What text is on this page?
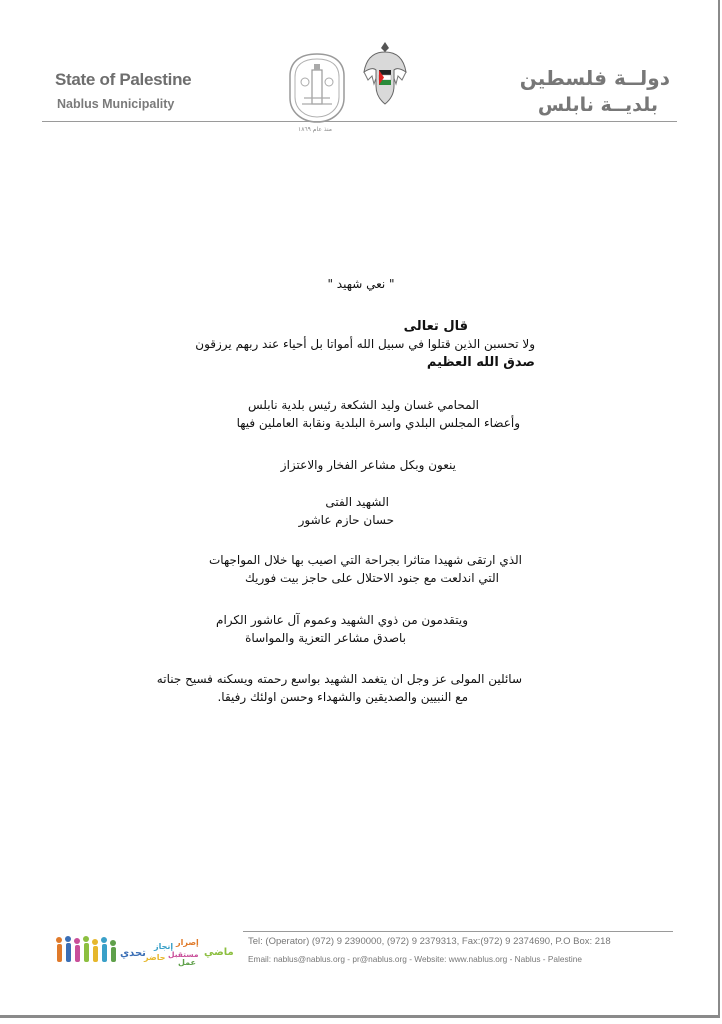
State of Palestine
Nablus Municipality
دولــة فلسطين
بلديــة نابلس
منذ عام ١٨٦٩
" نعي شهيد "
قال تعالى
ولا تحسبن الذين قتلوا في سبيل الله أمواتا بل أحياء عند ربهم يرزقون
صدق الله العظيم
المحامي غسان وليد الشكعة رئيس بلدية نابلس
وأعضاء المجلس البلدي واسرة البلدية ونقابة العاملين فيها
ينعون وبكل مشاعر الفخار والاعتزاز
الشهيد الفتى
حسان حازم عاشور
الذي ارتقى شهيدا متاثرا بجراحة التي اصيب بها خلال المواجهات
التي اندلعت مع جنود الاحتلال على حاجز بيت فوريك
ويتقدمون من ذوي الشهيد وعموم آل عاشور الكرام
باصدق مشاعر التعزية والمواساة
سائلين المولى عز وجل ان يتغمد الشهيد بواسع رحمته ويسكنه فسيح جناته
مع النبيين والصديقين والشهداء وحسن اولئك رفيقا.
إصرار
ماضي
إنجاز
مستقبل
حاضر
عمل
تحدي
Tel: (Operator) (972) 9 2390000, (972) 9 2379313, Fax:(972) 9 2374690, P.O Box: 218
Email: nablus@nablus.org - pr@nablus.org - Website: www.nablus.org - Nablus - Palestine
